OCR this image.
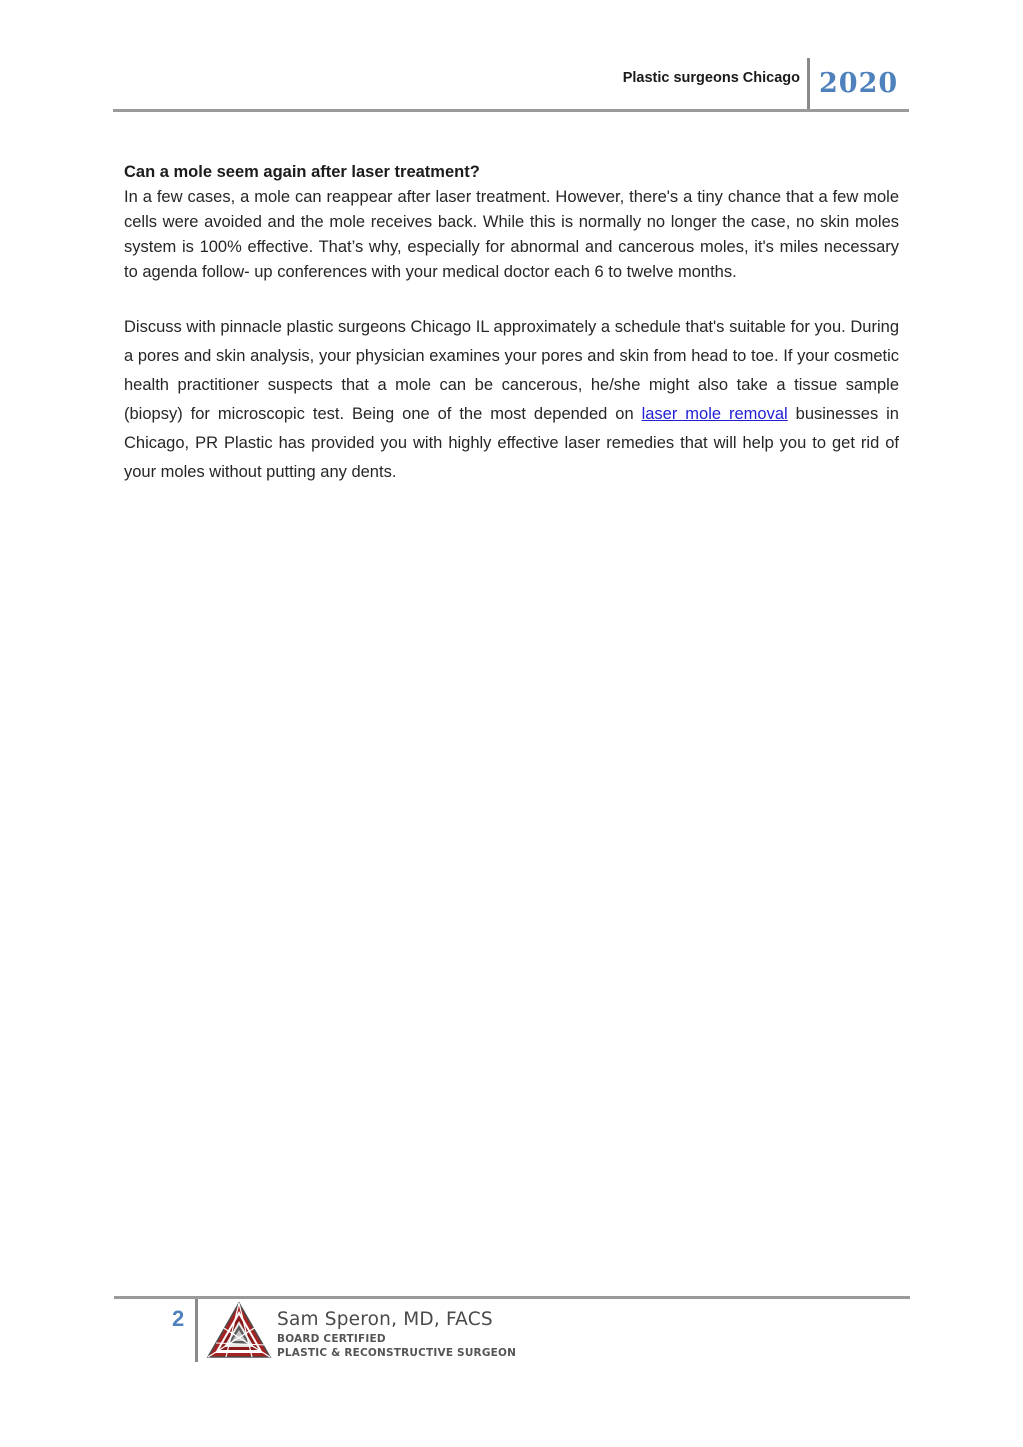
Plastic surgeons Chicago 2020

Can a mole seem again after laser treatment?

In a few cases, a mole can reappear after laser treatment. However, there's a tiny chance that a few mole cells were avoided and the mole receives back. While this is normally no longer the case, no skin moles system is 100% effective. That’s why, especially for abnormal and cancerous moles, it's miles necessary to agenda follow- up conferences with your medical doctor each 6 to twelve months.

Discuss with pinnacle plastic surgeons Chicago IL approximately a schedule that's suitable for you. During a pores and skin analysis, your physician examines your pores and skin from head to toe. If your cosmetic health practitioner suspects that a mole can be cancerous, he/she might also take a tissue sample (biopsy) for microscopic test. Being one of the most depended on laser mole removal businesses in Chicago, PR Plastic has provided you with highly effective laser remedies that will help you to get rid of your moles without putting any dents.

2	Sam Speron, MD, FACS
BOARD CERTIFIED
PLASTIC & RECONSTRUCTIVE SURGEON
